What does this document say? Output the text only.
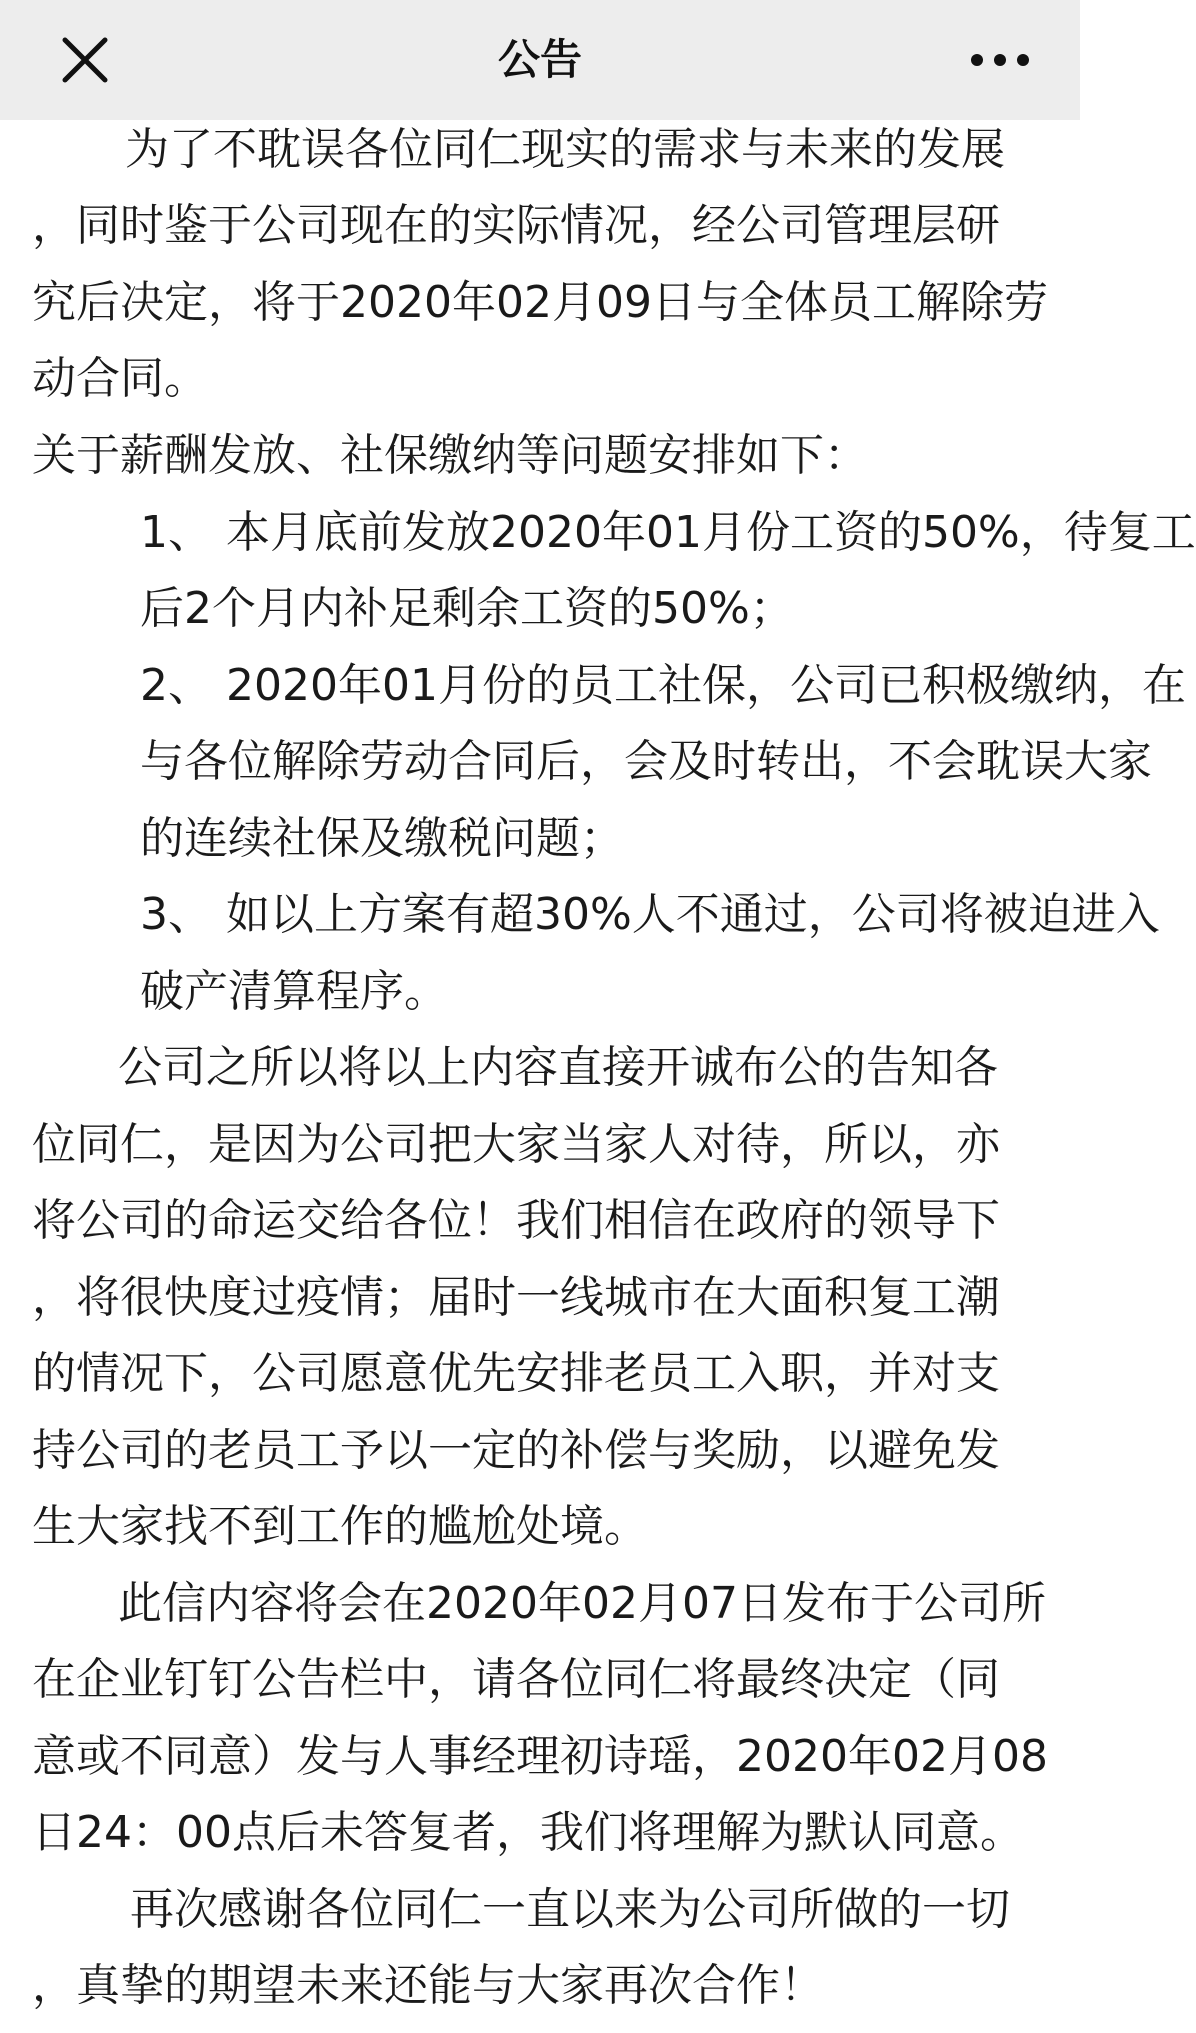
公告
为了不耽误各位同仁现实的需求与未来的发展
，同时鉴于公司现在的实际情况，经公司管理层研
究后决定，将于2020年02月09日与全体员工解除劳
动合同。
关于薪酬发放、社保缴纳等问题安排如下：
1、 本月底前发放2020年01月份工资的50%，待复工
后2个月内补足剩余工资的50%；
2、 2020年01月份的员工社保，公司已积极缴纳，在
与各位解除劳动合同后，会及时转出，不会耽误大家
的连续社保及缴税问题；
3、 如以上方案有超30%人不通过，公司将被迫进入
破产清算程序。
公司之所以将以上内容直接开诚布公的告知各
位同仁，是因为公司把大家当家人对待，所以，亦
将公司的命运交给各位！我们相信在政府的领导下
，将很快度过疫情；届时一线城市在大面积复工潮
的情况下，公司愿意优先安排老员工入职，并对支
持公司的老员工予以一定的补偿与奖励，以避免发
生大家找不到工作的尴尬处境。
此信内容将会在2020年02月07日发布于公司所
在企业钉钉公告栏中，请各位同仁将最终决定（同
意或不同意）发与人事经理初诗瑶，2020年02月08
日24：00点后未答复者，我们将理解为默认同意。
再次感谢各位同仁一直以来为公司所做的一切
，真挚的期望未来还能与大家再次合作！
